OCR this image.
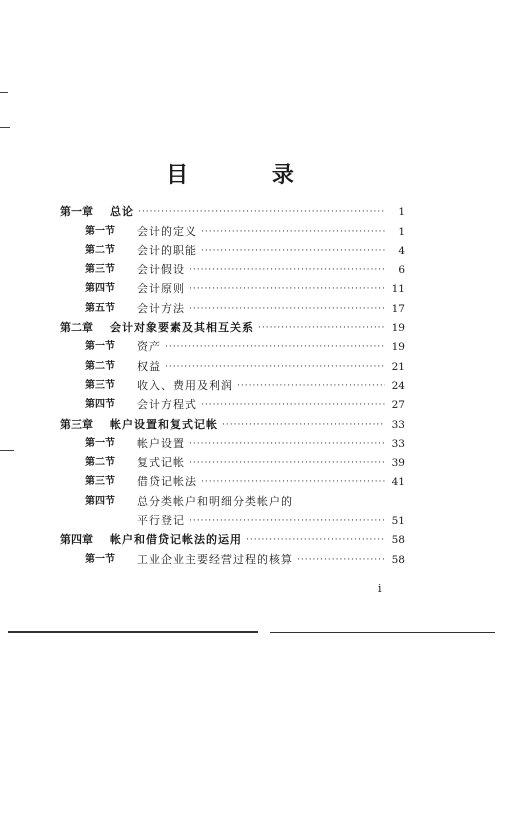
目 录
第一章	总论 ·····	1
第一节	会计的定义 ·····	1
第二节	会计的职能 ·····	4
第三节	会计假设 ·····	6
第四节	会计原则 ·····	11
第五节	会计方法 ·····	17
第二章	会计对象要素及其相互关系 ·····	19
第一节	资产 ·····	19
第二节	权益 ·····	21
第三节	收入、费用及利润 ·····	24
第四节	会计方程式 ·····	27
第三章	帐户设置和复式记帐 ·····	33
第一节	帐户设置 ·····	33
第二节	复式记帐 ·····	39
第三节	借贷记帐法 ·····	41
第四节	总分类帐户和明细分类帐户的
平行登记 ·····	51
第四章	帐户和借贷记帐法的运用 ·····	58
第一节	工业企业主要经营过程的核算 ·····	58
i
